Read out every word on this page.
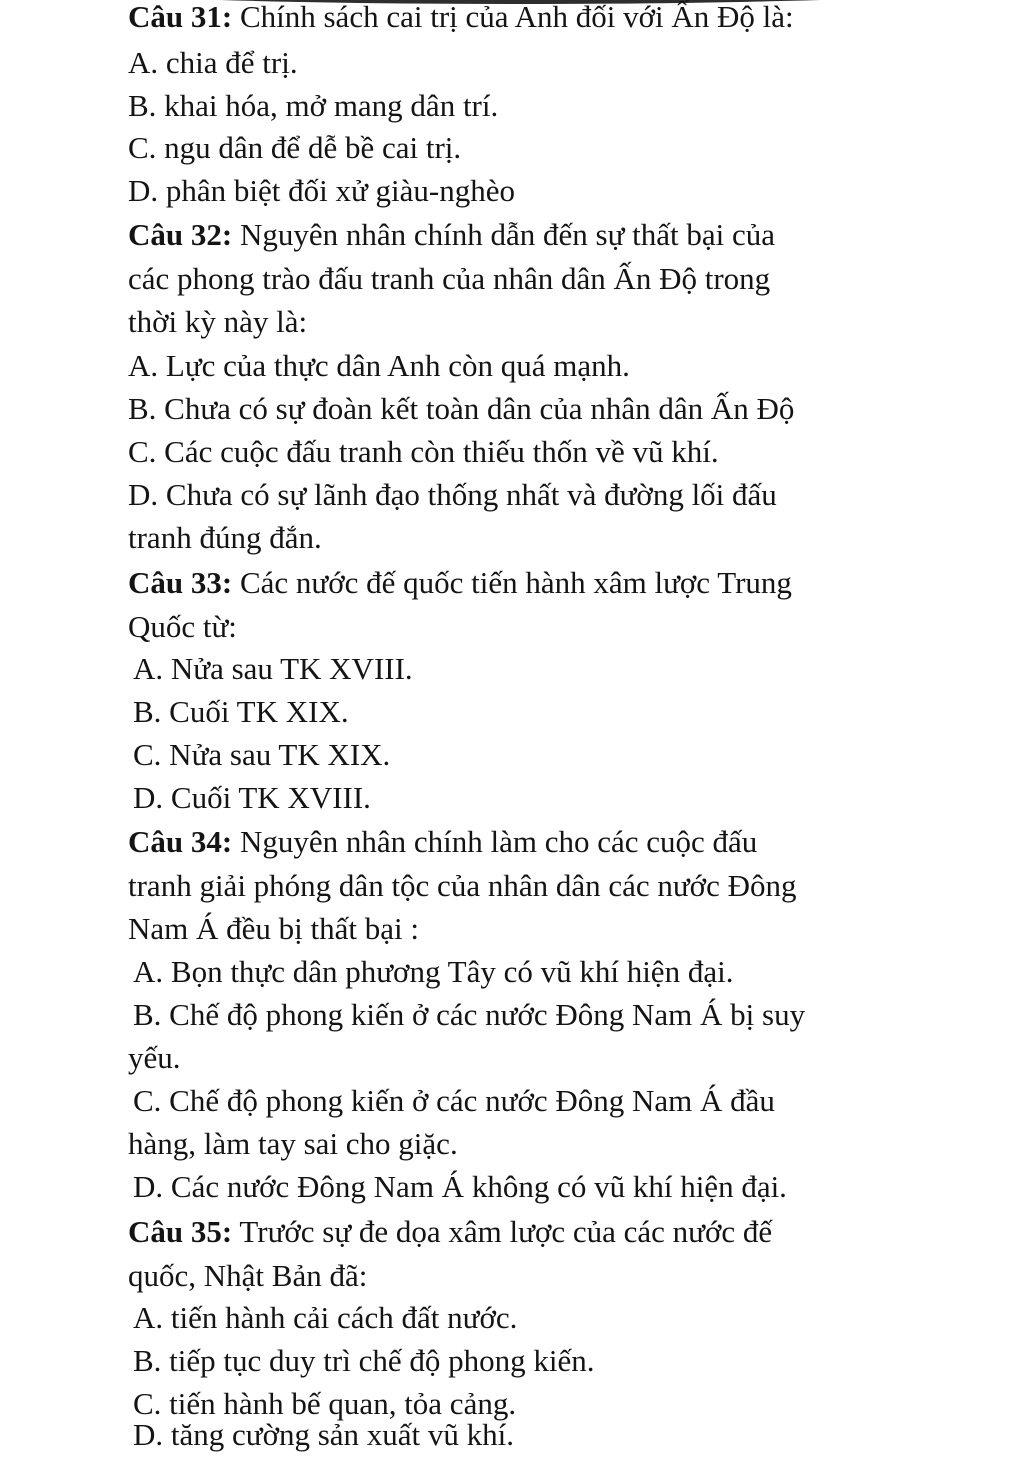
Câu 31: Chính sách cai trị của Anh đối với Ấn Độ là:
A. chia để trị.
B. khai hóa, mở mang dân trí.
C. ngu dân để dễ bề cai trị.
D. phân biệt đối xử giàu-nghèo
Câu 32: Nguyên nhân chính dẫn đến sự thất bại của
các phong trào đấu tranh của nhân dân Ấn Độ trong
thời kỳ này là:
A. Lực của thực dân Anh còn quá mạnh.
B. Chưa có sự đoàn kết toàn dân của nhân dân Ấn Độ
C. Các cuộc đấu tranh còn thiếu thốn về vũ khí.
D. Chưa có sự lãnh đạo thống nhất và đường lối đấu
tranh đúng đắn.
Câu 33: Các nước đế quốc tiến hành xâm lược Trung
Quốc từ:
A. Nửa sau TK XVIII.
B. Cuối TK XIX.
C. Nửa sau TK XIX.
D. Cuối TK XVIII.
Câu 34: Nguyên nhân chính làm cho các cuộc đấu
tranh giải phóng dân tộc của nhân dân các nước Đông
Nam Á đều bị thất bại :
A. Bọn thực dân phương Tây có vũ khí hiện đại.
B. Chế độ phong kiến ở các nước Đông Nam Á bị suy
yếu.
C. Chế độ phong kiến ở các nước Đông Nam Á đầu
hàng, làm tay sai cho giặc.
D. Các nước Đông Nam Á không có vũ khí hiện đại.
Câu 35: Trước sự đe dọa xâm lược của các nước đế
quốc, Nhật Bản đã:
A. tiến hành cải cách đất nước.
B. tiếp tục duy trì chế độ phong kiến.
C. tiến hành bế quan, tỏa cảng.
D. tăng cường sản xuất vũ khí.
